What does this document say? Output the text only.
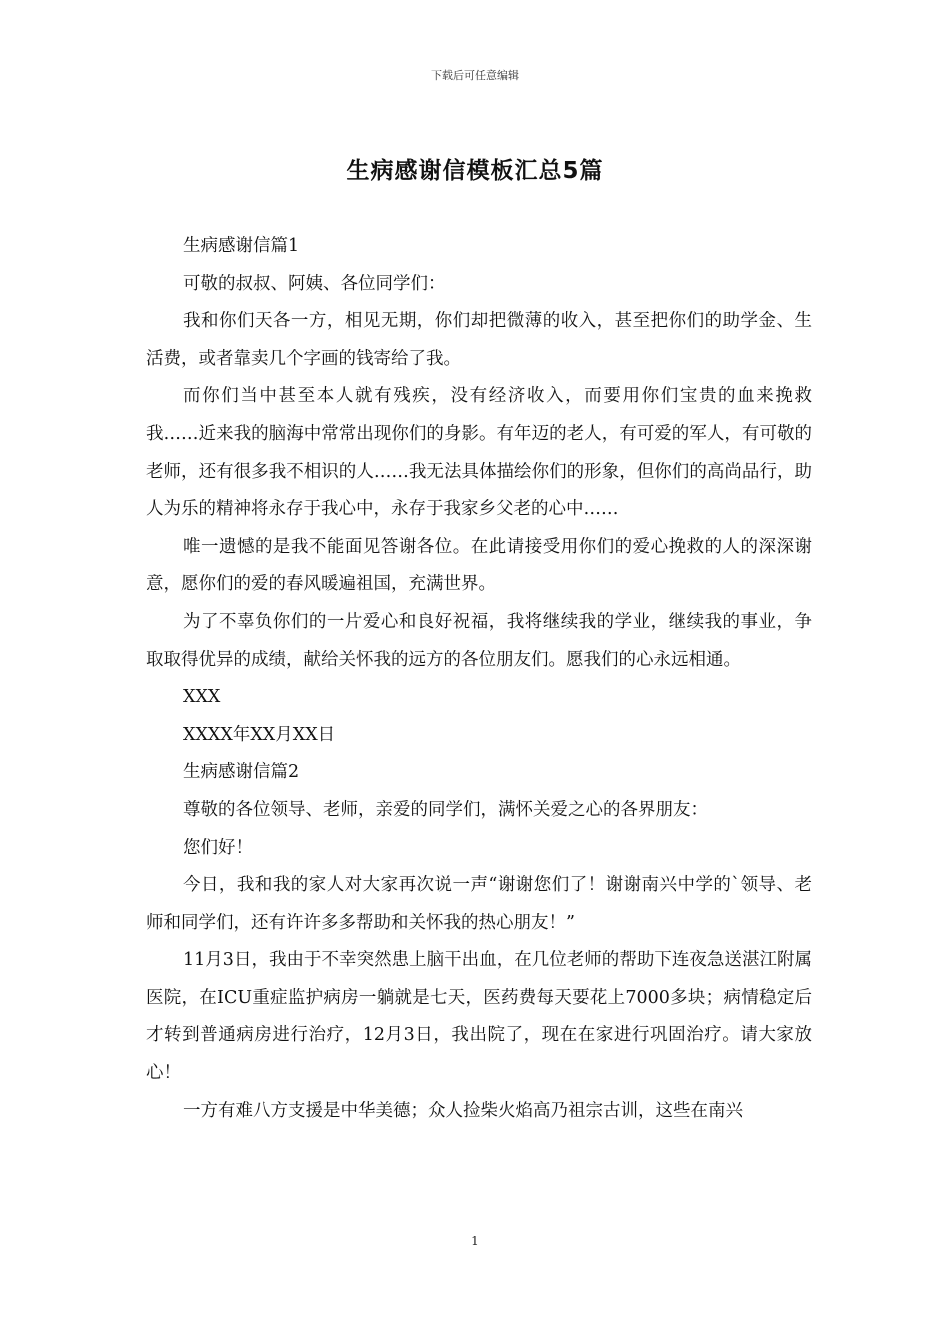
下载后可任意编辑
生病感谢信模板汇总5篇

生病感谢信篇1

可敬的叔叔、阿姨、各位同学们：

我和你们天各一方，相见无期，你们却把微薄的收入，甚至把你们的助学金、生活费，或者靠卖几个字画的钱寄给了我。

而你们当中甚至本人就有残疾，没有经济收入，而要用你们宝贵的血来挽救我……近来我的脑海中常常出现你们的身影。有年迈的老人，有可爱的军人，有可敬的老师，还有很多我不相识的人……我无法具体描绘你们的形象，但你们的高尚品行，助人为乐的精神将永存于我心中，永存于我家乡父老的心中……

唯一遗憾的是我不能面见答谢各位。在此请接受用你们的爱心挽救的人的深深谢意，愿你们的爱的春风暖遍祖国，充满世界。

为了不辜负你们的一片爱心和良好祝福，我将继续我的学业，继续我的事业，争取取得优异的成绩，献给关怀我的远方的各位朋友们。愿我们的心永远相通。

XXX

XXXX年XX月XX日

生病感谢信篇2

尊敬的各位领导、老师，亲爱的同学们，满怀关爱之心的各界朋友：

您们好！

今日，我和我的家人对大家再次说一声“谢谢您们了！谢谢南兴中学的`领导、老师和同学们，还有许许多多帮助和关怀我的热心朋友！”

11月3日，我由于不幸突然患上脑干出血，在几位老师的帮助下连夜急送湛江附属医院，在ICU重症监护病房一躺就是七天，医药费每天要花上7000多块；病情稳定后才转到普通病房进行治疗，12月3日，我出院了，现在在家进行巩固治疗。请大家放心！

一方有难八方支援是中华美德；众人捡柴火焰高乃祖宗古训，这些在南兴

1
